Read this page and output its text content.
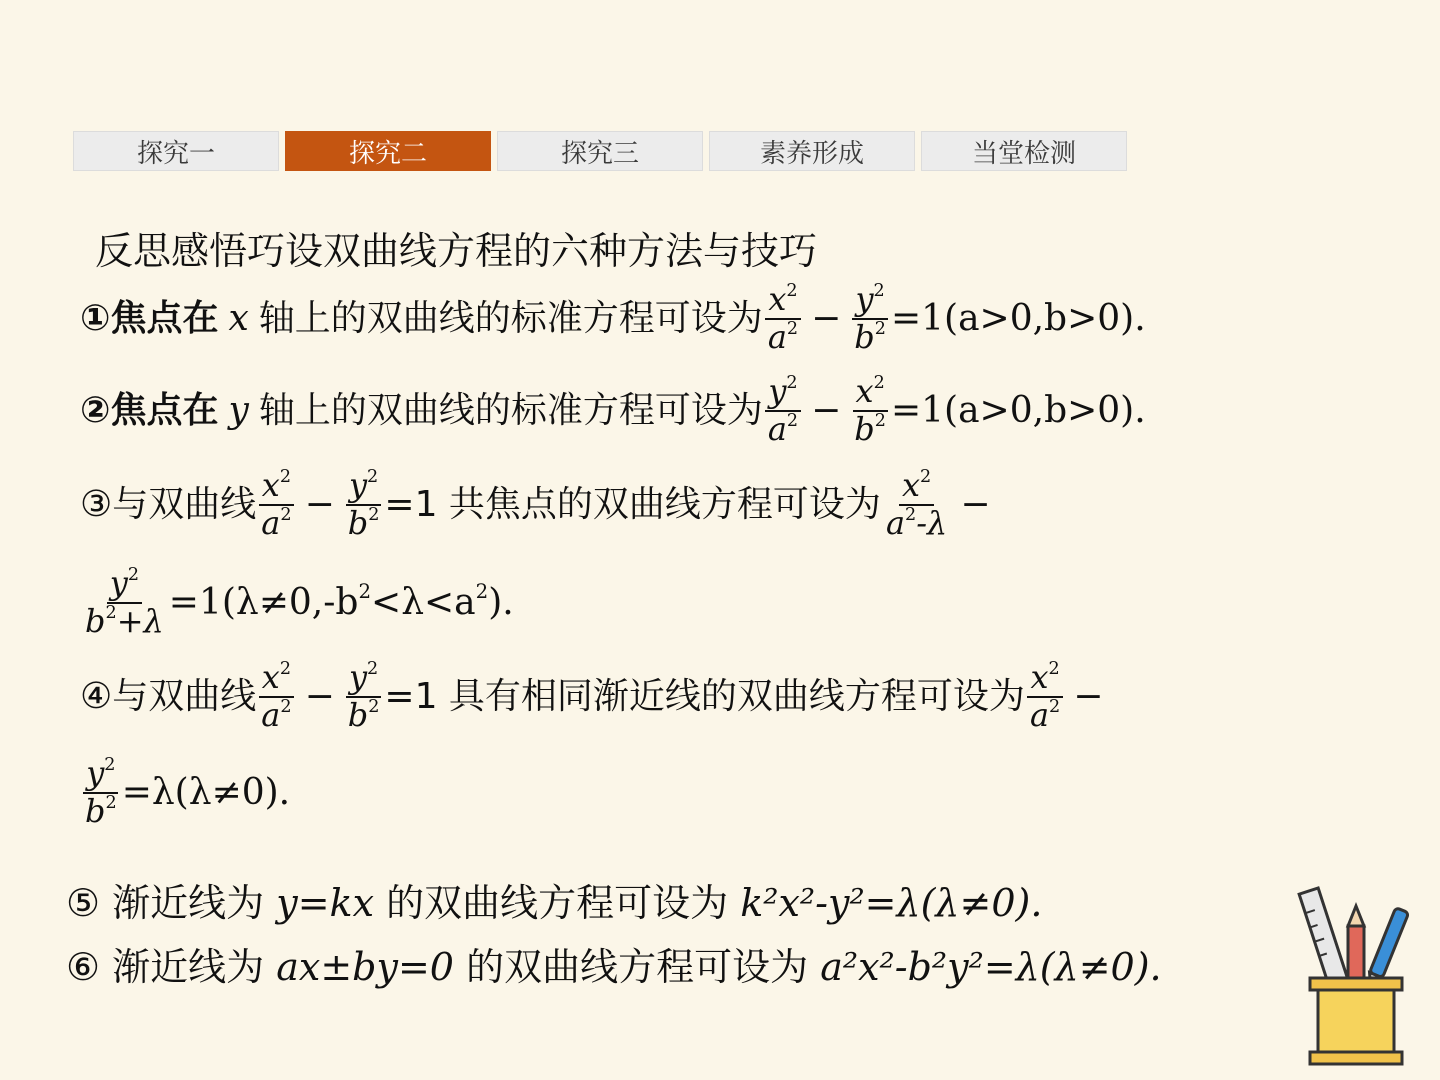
探究一	探究二	探究三	素养形成	当堂检测
反思感悟巧设双曲线方程的六种方法与技巧
①焦点在 x 轴上的双曲线的标准方程可设为 $\frac{x^2}{a^2} - \frac{y^2}{b^2} =1(a>0,b>0)$.
②焦点在 y 轴上的双曲线的标准方程可设为 $\frac{y^2}{a^2} - \frac{x^2}{b^2} =1(a>0,b>0)$.
③与双曲线 $\frac{x^2}{a^2} - \frac{y^2}{b^2} =1$ 共焦点的双曲线方程可设为 $\frac{x^2}{a^2-\lambda}$ −
$\frac{y^2}{b^2+\lambda} =1(\lambda\ne 0,-b^2<\lambda<a^2)$.
④与双曲线 $\frac{x^2}{a^2} - \frac{y^2}{b^2} =1$ 具有相同渐近线的双曲线方程可设为 $\frac{x^2}{a^2}$ −
$\frac{y^2}{b^2} =\lambda(\lambda\ne 0)$.
⑤ 渐近线为 y=kx 的双曲线方程可设为 k²x²-y²=λ(λ≠0).
⑥ 渐近线为 ax±by=0 的双曲线方程可设为 a²x²-b²y²=λ(λ≠0).
